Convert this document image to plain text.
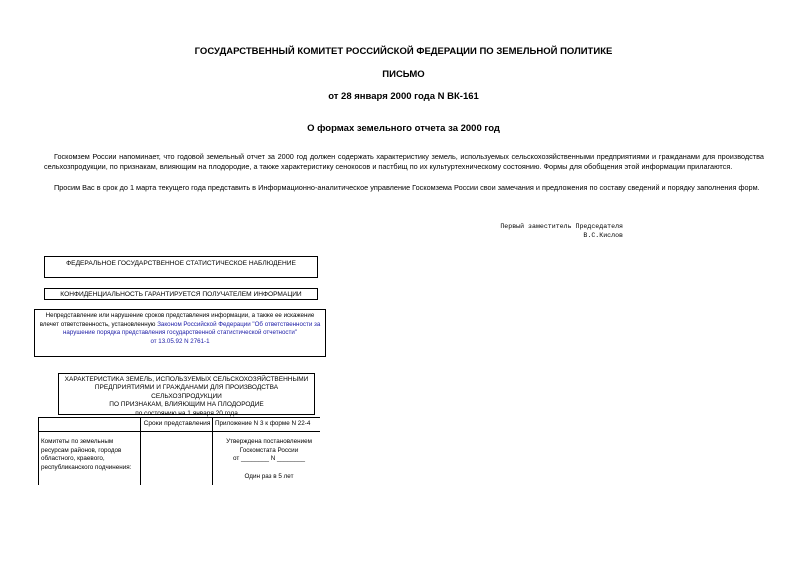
ГОСУДАРСТВЕННЫЙ КОМИТЕТ РОССИЙСКОЙ ФЕДЕРАЦИИ ПО ЗЕМЕЛЬНОЙ ПОЛИТИКЕ
ПИСЬМО
от 28 января 2000 года N ВК-161
О формах земельного отчета за 2000 год
Госкомзем России напоминает, что годовой земельный отчет за 2000 год должен содержать характеристику земель, используемых сельскохозяйственными предприятиями и гражданами для производства сельхозпродукции, по признакам, влияющим на плодородие, а также характеристику сенокосов и пастбищ по их культуртехническому состоянию. Формы для обобщения этой информации прилагаются.
Просим Вас в срок до 1 марта текущего года представить в Информационно-аналитическое управление Госкомзема России свои замечания и предложения по составу сведений и порядку заполнения форм.
Первый заместитель Председателя
В.С.Кислов
ФЕДЕРАЛЬНОЕ ГОСУДАРСТВЕННОЕ СТАТИСТИЧЕСКОЕ НАБЛЮДЕНИЕ
КОНФИДЕНЦИАЛЬНОСТЬ ГАРАНТИРУЕТСЯ ПОЛУЧАТЕЛЕМ ИНФОРМАЦИИ
Непредставление или нарушение сроков представления информации, а также ее искажение влечет ответственность, установленную Законом Российской Федерации "Об ответственности за нарушение порядка представления государственной статистической отчетности"
от 13.05.92 N 2761-1
ХАРАКТЕРИСТИКА ЗЕМЕЛЬ, ИСПОЛЬЗУЕМЫХ СЕЛЬСКОХОЗЯЙСТВЕННЫМИ
ПРЕДПРИЯТИЯМИ И ГРАЖДАНАМИ ДЛЯ ПРОИЗВОДСТВА СЕЛЬХОЗПРОДУКЦИИ
ПО ПРИЗНАКАМ, ВЛИЯЮЩИМ НА ПЛОДОРОДИЕ
по состоянию на 1 января 20 года
Сроки представления Приложение N 3 к форме N 22-4
Комитеты по земельным ресурсам районов, городов областного, краевого, республиканского подчинения:
Утверждена постановлением
Госкомстата России
от ________ N ________
Один раз в 5 лет
